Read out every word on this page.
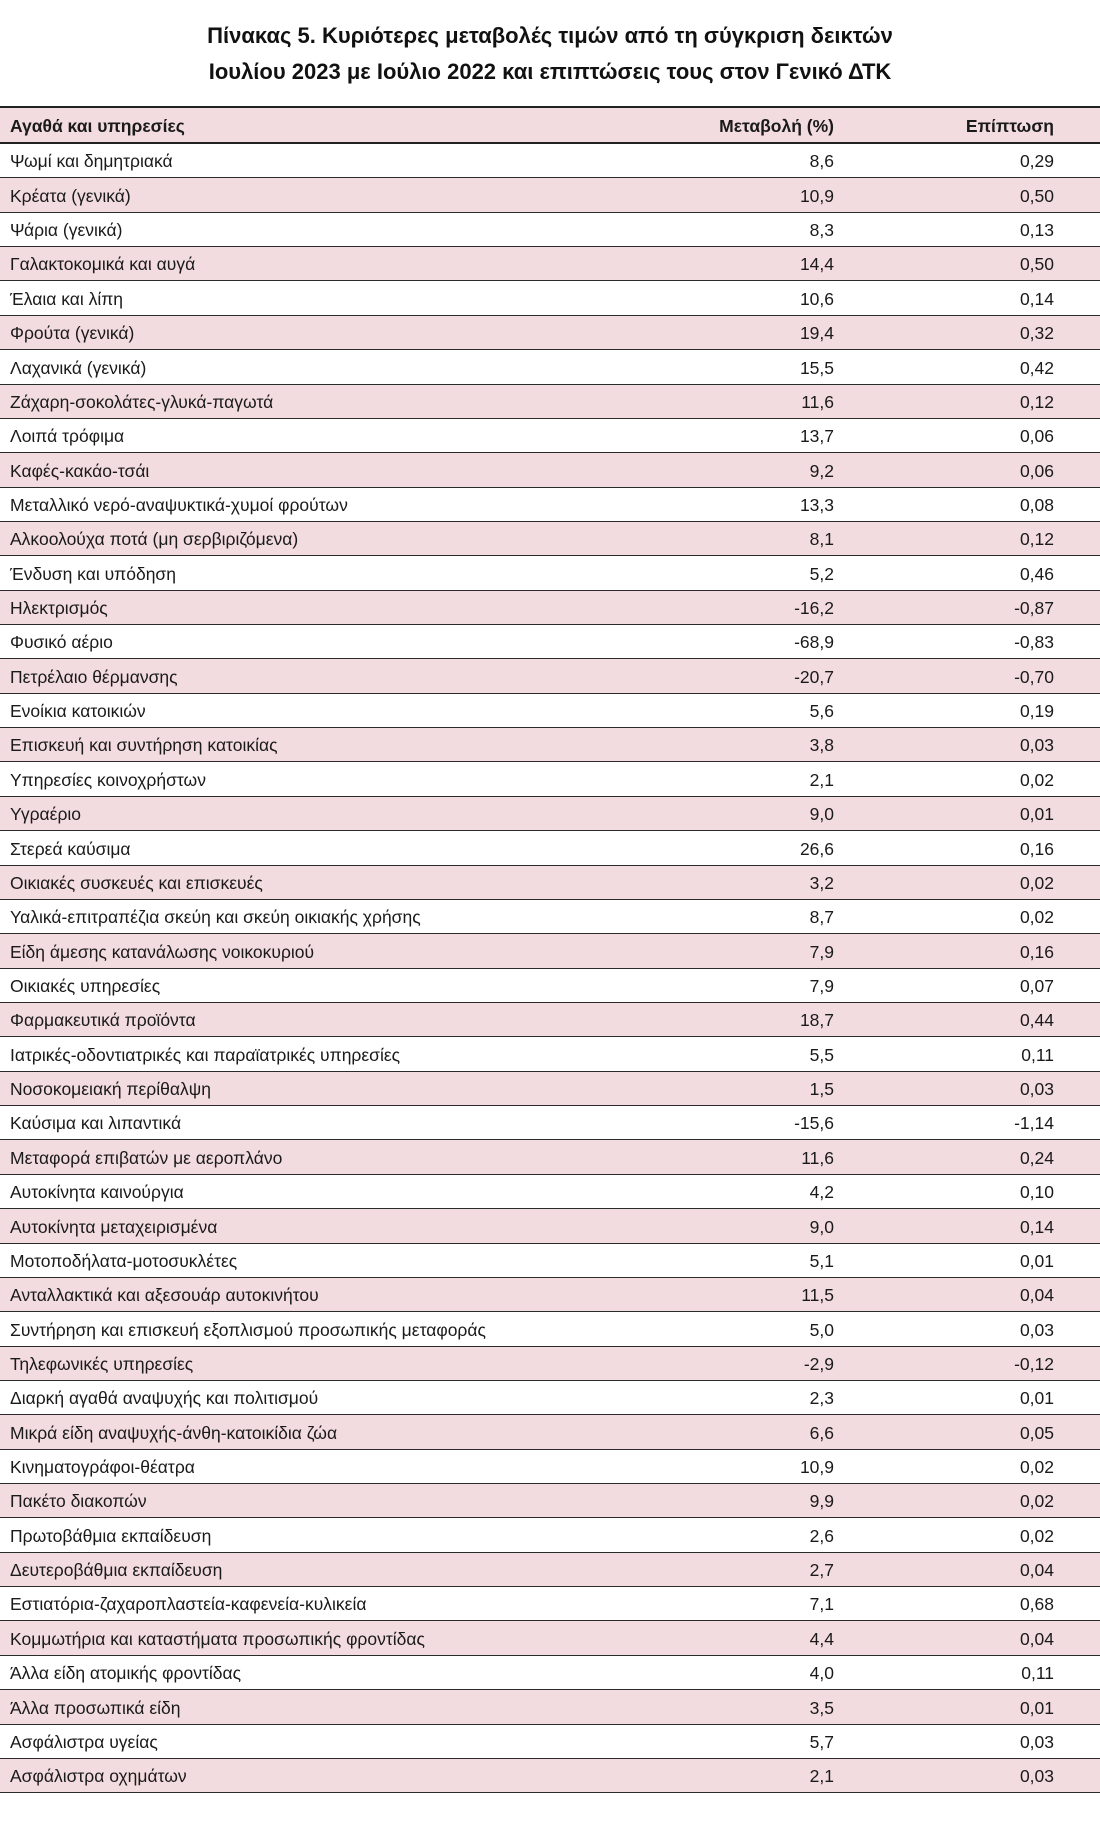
Πίνακας 5. Κυριότερες μεταβολές τιμών από τη σύγκριση δεικτών
Ιουλίου 2023 με Ιούλιο 2022 και επιπτώσεις τους στον Γενικό ΔΤΚ
Αγαθά και υπηρεσίες	Μεταβολή (%)	Επίπτωση
Ψωμί και δημητριακά	8,6	0,29
Κρέατα (γενικά)	10,9	0,50
Ψάρια (γενικά)	8,3	0,13
Γαλακτοκομικά και αυγά	14,4	0,50
Έλαια και λίπη	10,6	0,14
Φρούτα (γενικά)	19,4	0,32
Λαχανικά (γενικά)	15,5	0,42
Ζάχαρη-σοκολάτες-γλυκά-παγωτά	11,6	0,12
Λοιπά τρόφιμα	13,7	0,06
Καφές-κακάο-τσάι	9,2	0,06
Μεταλλικό νερό-αναψυκτικά-χυμοί φρούτων	13,3	0,08
Αλκοολούχα ποτά (μη σερβιριζόμενα)	8,1	0,12
Ένδυση και υπόδηση	5,2	0,46
Ηλεκτρισμός	-16,2	-0,87
Φυσικό αέριο	-68,9	-0,83
Πετρέλαιο θέρμανσης	-20,7	-0,70
Ενοίκια κατοικιών	5,6	0,19
Επισκευή και συντήρηση κατοικίας	3,8	0,03
Υπηρεσίες κοινοχρήστων	2,1	0,02
Υγραέριο	9,0	0,01
Στερεά καύσιμα	26,6	0,16
Οικιακές συσκευές και επισκευές	3,2	0,02
Υαλικά-επιτραπέζια σκεύη και σκεύη οικιακής χρήσης	8,7	0,02
Είδη άμεσης κατανάλωσης νοικοκυριού	7,9	0,16
Οικιακές υπηρεσίες	7,9	0,07
Φαρμακευτικά προϊόντα	18,7	0,44
Ιατρικές-οδοντιατρικές και παραϊατρικές υπηρεσίες	5,5	0,11
Νοσοκομειακή περίθαλψη	1,5	0,03
Καύσιμα και λιπαντικά	-15,6	-1,14
Μεταφορά επιβατών με αεροπλάνο	11,6	0,24
Αυτοκίνητα καινούργια	4,2	0,10
Αυτοκίνητα μεταχειρισμένα	9,0	0,14
Μοτοποδήλατα-μοτοσυκλέτες	5,1	0,01
Ανταλλακτικά και αξεσουάρ αυτοκινήτου	11,5	0,04
Συντήρηση και επισκευή εξοπλισμού προσωπικής μεταφοράς	5,0	0,03
Τηλεφωνικές υπηρεσίες	-2,9	-0,12
Διαρκή αγαθά αναψυχής και πολιτισμού	2,3	0,01
Μικρά είδη αναψυχής-άνθη-κατοικίδια ζώα	6,6	0,05
Κινηματογράφοι-θέατρα	10,9	0,02
Πακέτο διακοπών	9,9	0,02
Πρωτοβάθμια εκπαίδευση	2,6	0,02
Δευτεροβάθμια εκπαίδευση	2,7	0,04
Εστιατόρια-ζαχαροπλαστεία-καφενεία-κυλικεία	7,1	0,68
Κομμωτήρια και καταστήματα προσωπικής φροντίδας	4,4	0,04
Άλλα είδη ατομικής φροντίδας	4,0	0,11
Άλλα προσωπικά είδη	3,5	0,01
Ασφάλιστρα υγείας	5,7	0,03
Ασφάλιστρα οχημάτων	2,1	0,03
